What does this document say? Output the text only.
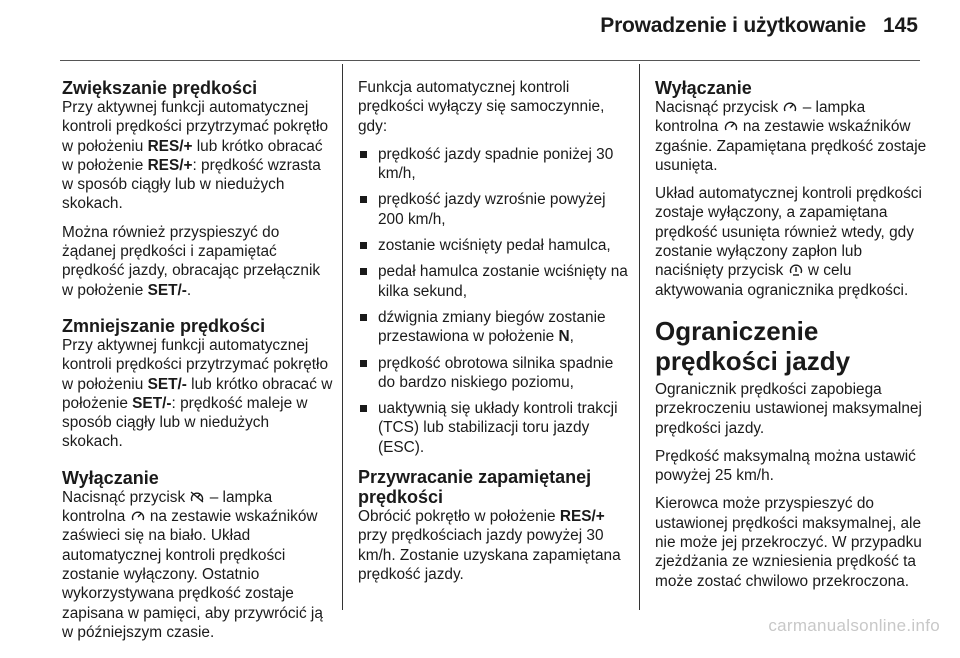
Prowadzenie i użytkowanie 145
Zwiększanie prędkości

Przy aktywnej funkcji automatycznej kontroli prędkości przytrzymać pokrętło w położeniu RES/+ lub krótko obracać w położenie RES/+: prędkość wzrasta w sposób ciągły lub w niedużych skokach.

Można również przyspieszyć do żądanej prędkości i zapamiętać prędkość jazdy, obracając przełącznik w położenie SET/-.

Zmniejszanie prędkości

Przy aktywnej funkcji automatycznej kontroli prędkości przytrzymać pokrętło w położeniu SET/- lub krótko obracać w położenie SET/-: prędkość maleje w sposób ciągły lub w niedużych skokach.

Wyłączanie

Nacisnąć przycisk
– lampka kontrolna
na zestawie wskaźników zaświeci się na biało. Układ automatycznej kontroli prędkości zostanie wyłączony. Ostatnio wykorzystywana prędkość zostaje zapisana w pamięci, aby przywrócić ją w późniejszym czasie.

Funkcja automatycznej kontroli prędkości wyłączy się samoczynnie, gdy:

prędkość jazdy spadnie poniżej 30 km/h,
prędkość jazdy wzrośnie powyżej 200 km/h,
zostanie wciśnięty pedał hamulca,
pedał hamulca zostanie wciśnięty na kilka sekund,
dźwignia zmiany biegów zostanie przestawiona w położenie N,
prędkość obrotowa silnika spadnie do bardzo niskiego poziomu,
uaktywnią się układy kontroli trakcji (TCS) lub stabilizacji toru jazdy (ESC).
Przywracanie zapamiętanej prędkości

Obrócić pokrętło w położenie RES/+ przy prędkościach jazdy powyżej 30 km/h. Zostanie uzyskana zapamiętana prędkość jazdy.

Wyłączanie

Nacisnąć przycisk
– lampka kontrolna
na zestawie wskaźników zgaśnie. Zapamiętana prędkość zostaje usunięta.

Układ automatycznej kontroli prędkości zostaje wyłączony, a zapamiętana prędkość usunięta również wtedy, gdy zostanie wyłączony zapłon lub naciśnięty przycisk
w celu aktywowania ogranicznika prędkości.

Ograniczenie prędkości jazdy

Ogranicznik prędkości zapobiega przekroczeniu ustawionej maksymalnej prędkości jazdy.

Prędkość maksymalną można ustawić powyżej 25 km/h.

Kierowca może przyspieszyć do ustawionej prędkości maksymalnej, ale nie może jej przekroczyć. W przypadku zjeżdżania ze wzniesienia prędkość ta może zostać chwilowo przekroczona.

carmanualsonline.info
